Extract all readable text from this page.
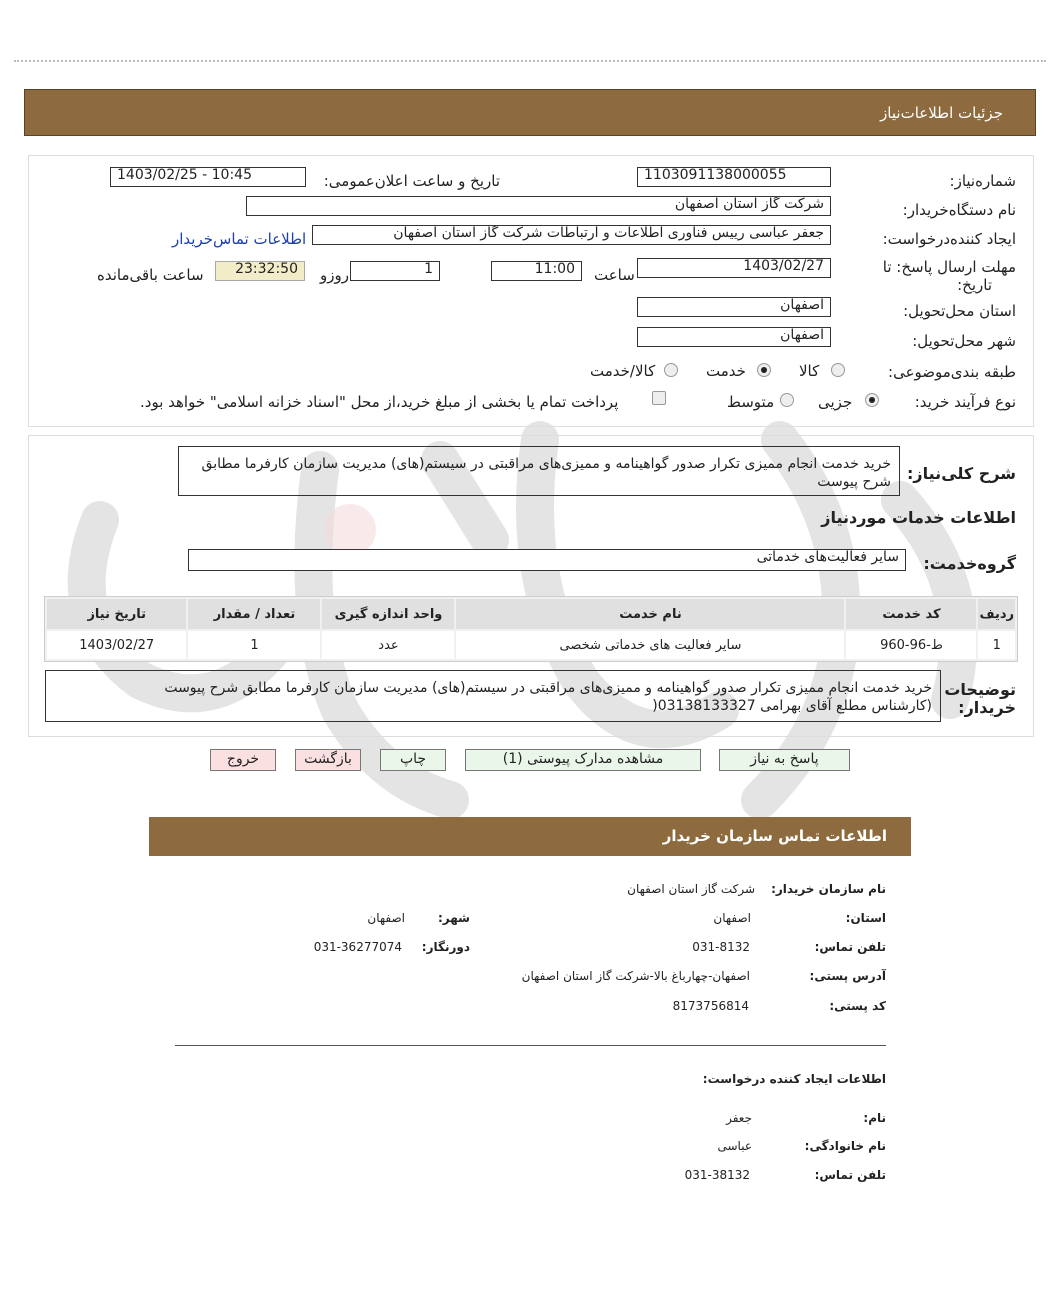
جزئیات اطلاعات‌نیاز
شماره‌نیاز:
1103091138000055
تاریخ و ساعت اعلان‌عمومی:
1403/02/25 - 10:45
نام دستگاه‌خریدار:
شرکت گاز استان اصفهان
ایجاد کننده‌درخواست:
جعفر عباسی رییس فناوری اطلاعات و ارتباطات شرکت گاز استان اصفهان
اطلاعات تماس‌خریدار
مهلت ارسال پاسخ: تا
تاریخ:
1403/02/27
ساعت
11:00
1
روزو
23:32:50
ساعت باقی‌مانده
استان محل‌تحویل:
اصفهان
شهر محل‌تحویل:
اصفهان
طبقه بندی‌موضوعی:
کالا
خدمت
کالا/خدمت
نوع فرآیند خرید:
جزیی
متوسط
پرداخت تمام یا بخشی از مبلغ خرید،از محل "اسناد خزانه اسلامی" خواهد بود.
شرح کلی‌نیاز:
خرید خدمت انجام مميزی تكرار صدور گواهينامه و مميزی‌های مراقبتی در سيستم(های) مديريت سازمان كارفرما مطابق شرح پيوست
اطلاعات خدمات موردنیاز
گروه‌خدمت:
سایر فعالیت‌های خدماتی
ردیف	کد خدمت	نام خدمت	واحد اندازه گیری	تعداد / مقدار	تاریخ نیاز
1	ط-96-960	سایر فعالیت های خدماتی شخصی	عدد	1	1403/02/27
توضیحات
خریدار:
خرید خدمت انجام مميزی تكرار صدور گواهينامه و مميزی‌های مراقبتی در سيستم(های) مديريت سازمان كارفرما مطابق شرح پيوست
(كارشناس مطلع آقای بهرامی 03138133327(
پاسخ به نیاز
مشاهده مدارک پیوستی (1)
چاپ
بازگشت
خروج
اطلاعات تماس سازمان خریدار
نام سازمان خریدار:
شرکت گاز استان اصفهان
استان:
اصفهان
شهر:
اصفهان
تلفن تماس:
031-8132
دورنگار:
031-36277074
آدرس پستی:
اصفهان-چهارباغ بالا-شرکت گاز استان اصفهان
کد پستی:
8173756814
اطلاعات ایجاد کننده درخواست:
نام:
جعفر
نام خانوادگی:
عباسی
تلفن تماس:
031-38132
